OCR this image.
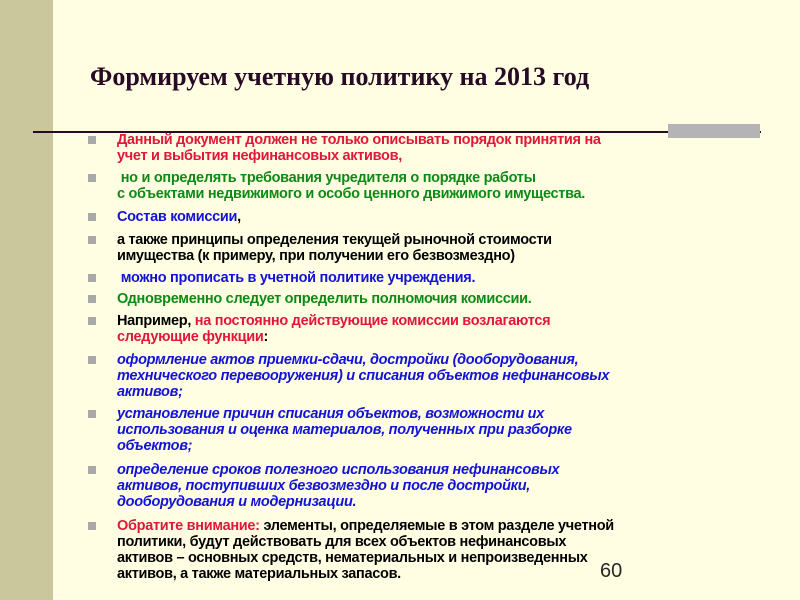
Формируем учетную политику на 2013 год
Данный документ должен не только описывать порядок принятия на
учет и выбытия нефинансовых активов,
но и определять требования учредителя о порядке работы
с объектами недвижимого и особо ценного движимого имущества.
Состав комиссии,
а также принципы определения текущей рыночной стоимости
имущества (к примеру, при получении его безвозмездно)
можно прописать в учетной политике учреждения.
Одновременно следует определить полномочия комиссии.
Например, на постоянно действующие комиссии возлагаются
следующие функции:
оформление актов приемки-сдачи, достройки (дооборудования,
технического перевооружения) и списания объектов нефинансовых
активов;
установление причин списания объектов, возможности их
использования и оценка материалов, полученных при разборке
объектов;
определение сроков полезного использования нефинансовых
активов, поступивших безвозмездно и после достройки,
дооборудования и модернизации.
Обратите внимание: элементы, определяемые в этом разделе учетной
политики, будут действовать для всех объектов нефинансовых
активов – основных средств, нематериальных и непроизведенных
активов, а также материальных запасов.	60
